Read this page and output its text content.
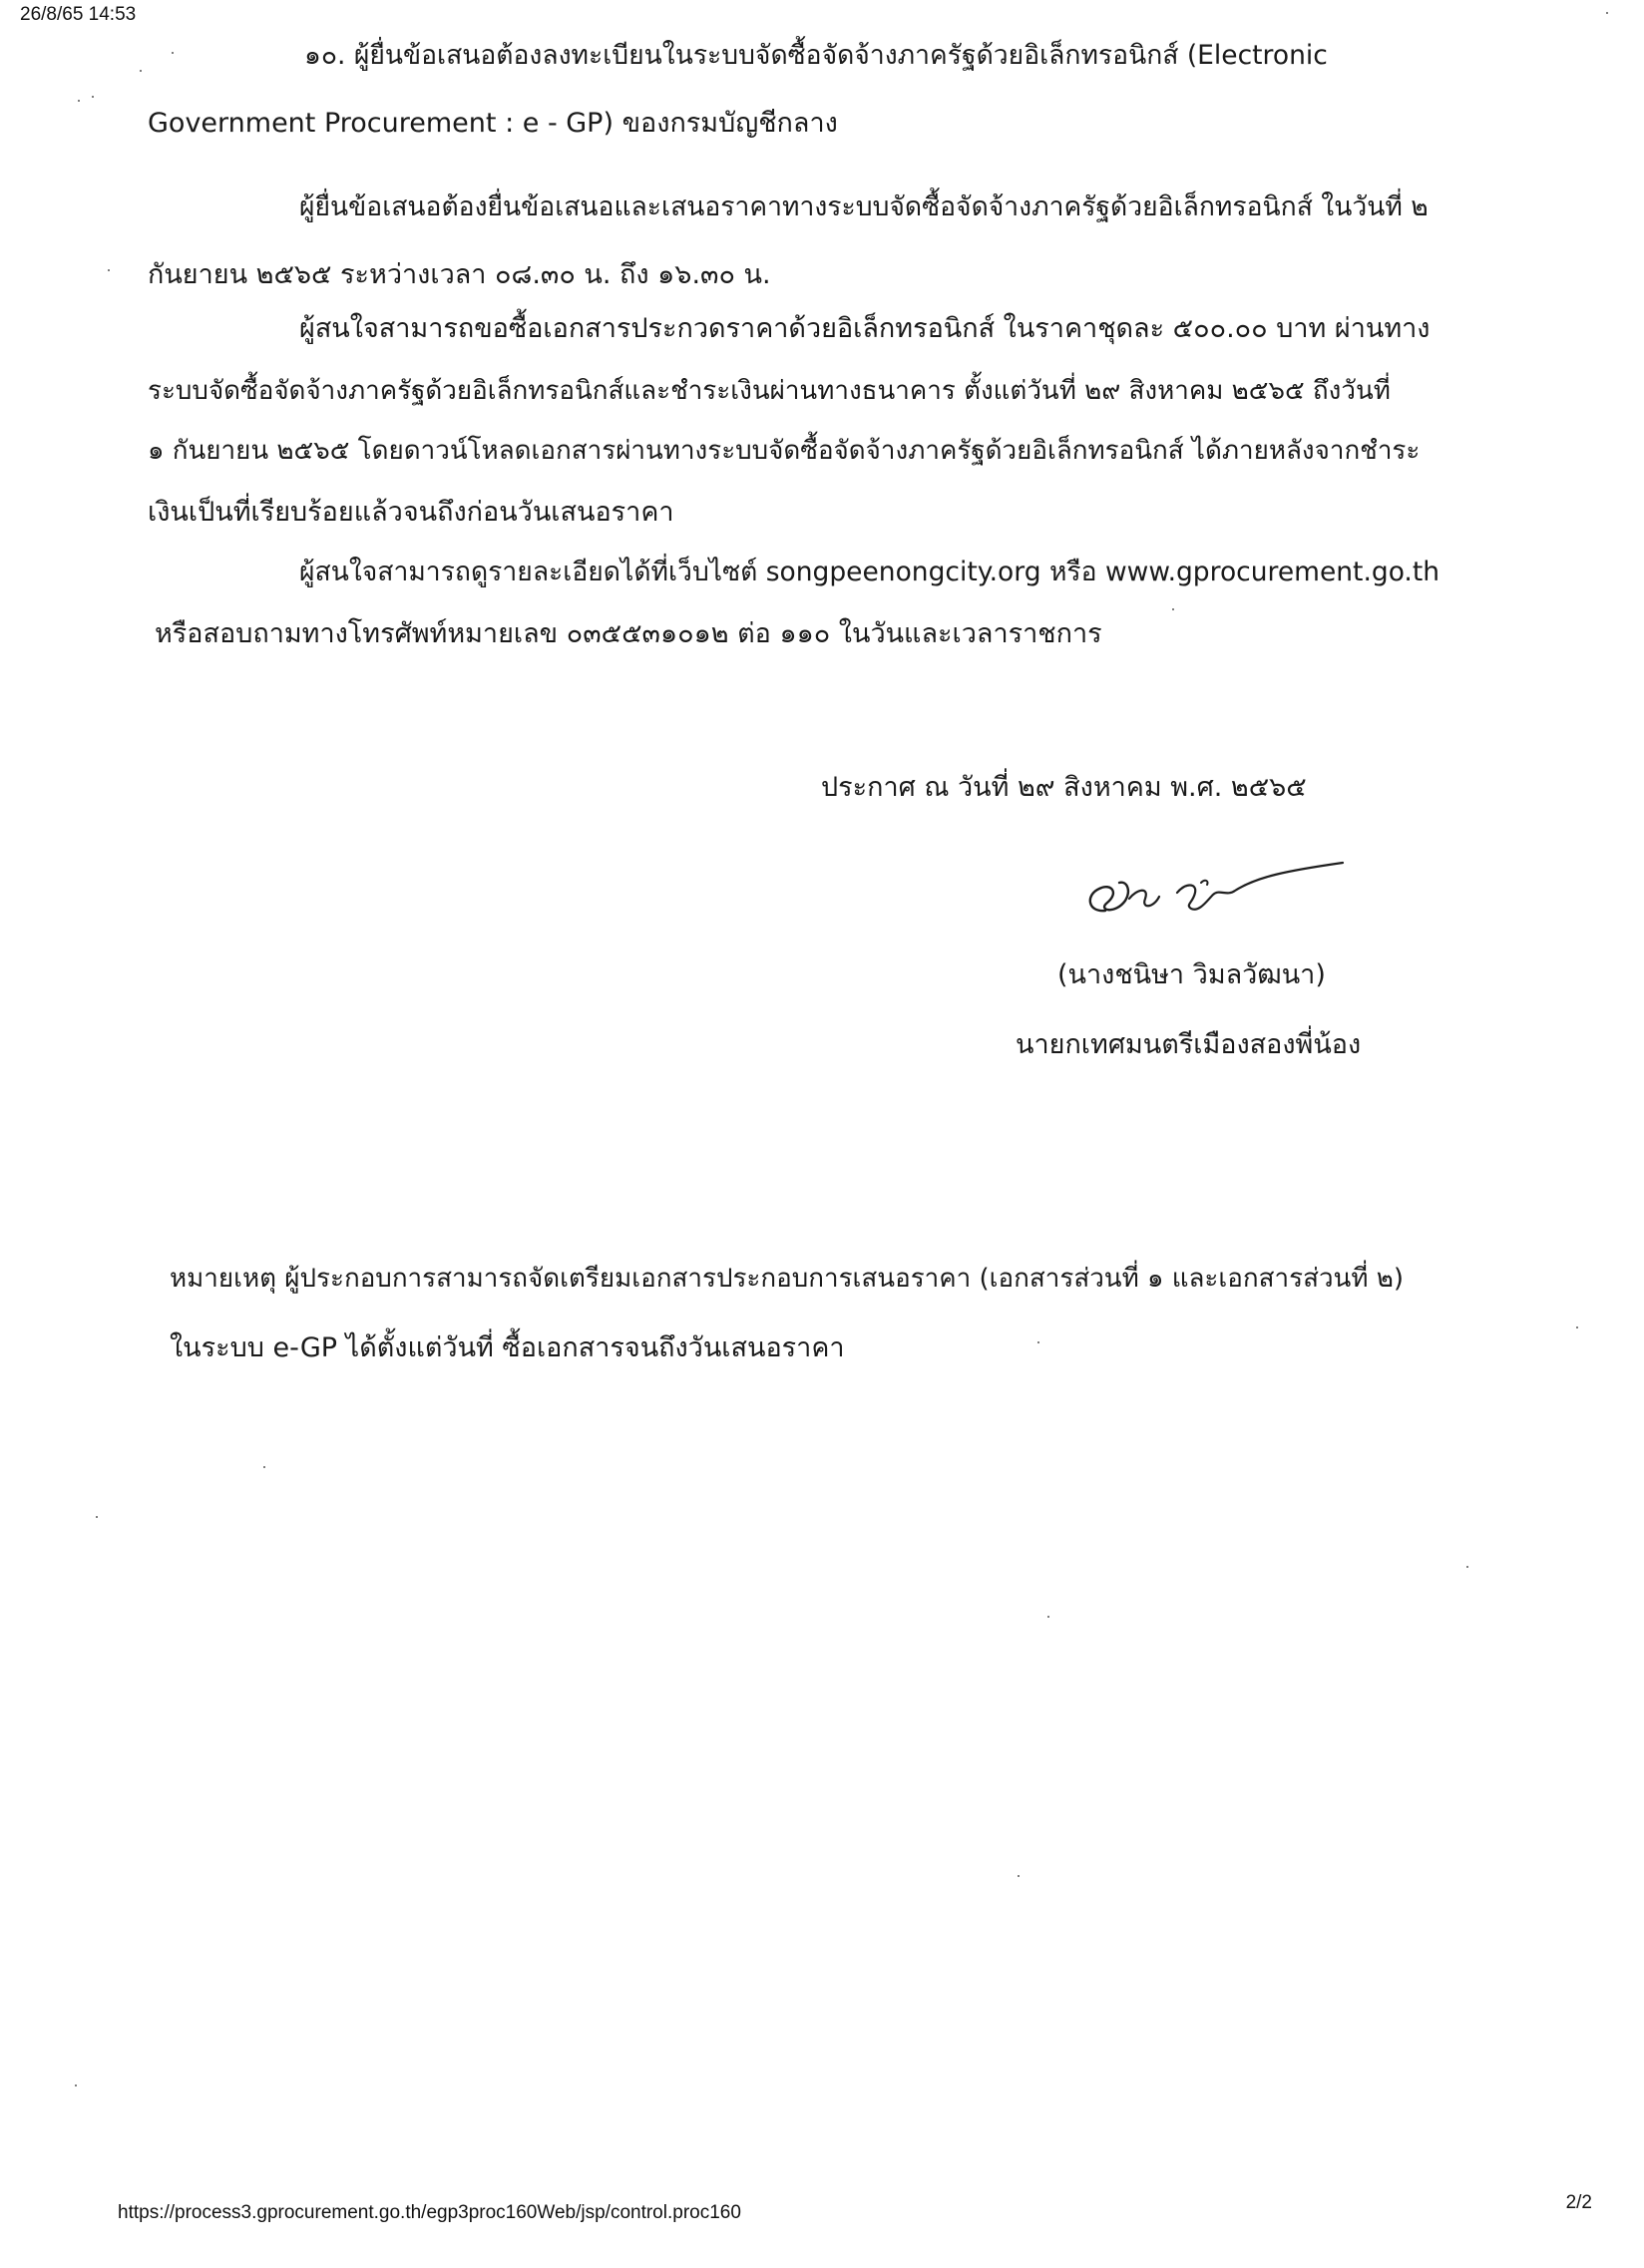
26/8/65 14:53
๑๐. ผู้ยื่นข้อเสนอต้องลงทะเบียนในระบบจัดซื้อจัดจ้างภาครัฐด้วยอิเล็กทรอนิกส์ (Electronic
Government Procurement : e - GP) ของกรมบัญชีกลาง
ผู้ยื่นข้อเสนอต้องยื่นข้อเสนอและเสนอราคาทางระบบจัดซื้อจัดจ้างภาครัฐด้วยอิเล็กทรอนิกส์ ในวันที่ ๒
กันยายน ๒๕๖๕ ระหว่างเวลา ๐๘.๓๐ น. ถึง ๑๖.๓๐ น.
ผู้สนใจสามารถขอซื้อเอกสารประกวดราคาด้วยอิเล็กทรอนิกส์ ในราคาชุดละ ๕๐๐.๐๐ บาท ผ่านทาง
ระบบจัดซื้อจัดจ้างภาครัฐด้วยอิเล็กทรอนิกส์และชำระเงินผ่านทางธนาคาร ตั้งแต่วันที่ ๒๙ สิงหาคม ๒๕๖๕ ถึงวันที่
๑ กันยายน ๒๕๖๕ โดยดาวน์โหลดเอกสารผ่านทางระบบจัดซื้อจัดจ้างภาครัฐด้วยอิเล็กทรอนิกส์ ได้ภายหลังจากชำระ
เงินเป็นที่เรียบร้อยแล้วจนถึงก่อนวันเสนอราคา
ผู้สนใจสามารถดูรายละเอียดได้ที่เว็บไซต์ songpeenongcity.org หรือ www.gprocurement.go.th
หรือสอบถามทางโทรศัพท์หมายเลข ๐๓๕๕๓๑๐๑๒ ต่อ ๑๑๐ ในวันและเวลาราชการ
ประกาศ ณ วันที่ ๒๙ สิงหาคม พ.ศ. ๒๕๖๕
(นางชนิษา วิมลวัฒนา)
นายกเทศมนตรีเมืองสองพี่น้อง
หมายเหตุ ผู้ประกอบการสามารถจัดเตรียมเอกสารประกอบการเสนอราคา (เอกสารส่วนที่ ๑ และเอกสารส่วนที่ ๒)
ในระบบ e-GP ได้ตั้งแต่วันที่ ซื้อเอกสารจนถึงวันเสนอราคา
https://process3.gprocurement.go.th/egp3proc160Web/jsp/control.proc160	2/2
